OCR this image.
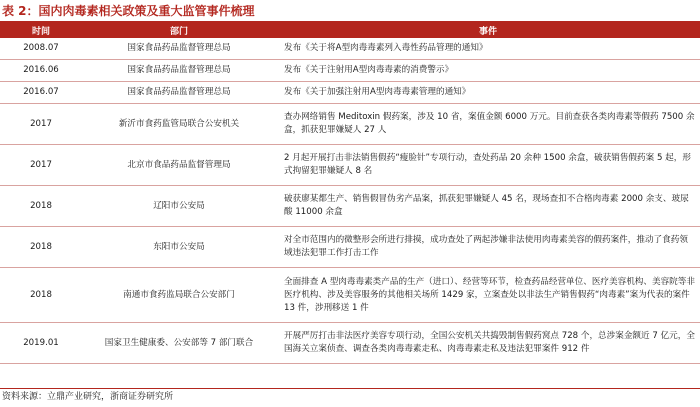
表 2：国内肉毒素相关政策及重大监管事件梳理
时间	部门	事件
2008.07	国家食品药品监督管理总局	发布《关于将A型肉毒毒素列入毒性药品管理的通知》
2016.06	国家食品药品监督管理总局	发布《关于注射用A型肉毒毒素的消费警示》
2016.07	国家食品药品监督管理总局	发布《关于加强注射用A型肉毒毒素管理的通知》
2017	新沂市食药监管局联合公安机关	查办网络销售 Meditoxin 假药案，涉及 10 省，案值金额 6000 万元。目前查获各类肉毒素等假药 7500 余盒，抓获犯罪嫌疑人 27 人
2017	北京市食品药品监督管理局	2 月起开展打击非法销售假药“瘦脸针”专项行动，查处药品 20 余种 1500 余盒，破获销售假药案 5 起，形式拘留犯罪嫌疑人 8 名
2018	辽阳市公安局	破获廖某都生产、销售假冒伪劣产品案，抓获犯罪嫌疑人 45 名，现场查扣不合格肉毒素 2000 余支、玻尿酸 11000 余盒
2018	东阳市公安局	对全市范围内的微整形会所进行排摸，成功查处了两起涉嫌非法使用肉毒素美容的假药案件，推动了食药领域违法犯罪工作打击工作
2018	南通市食药监局联合公安部门	全面排查 A 型肉毒毒素类产品的生产（进口）、经营等环节，检查药品经营单位、医疗美容机构、美容院等非医疗机构、涉及美容服务的其他相关场所 1429 家，立案查处以非法生产销售假药“肉毒素”案为代表的案件 13 件，涉刑移送 1 件
2019.01	国家卫生健康委、公安部等 7 部门联合	开展严厉打击非法医疗美容专项行动，全国公安机关共捣毁制售假药窝点 728 个，总涉案金额近 7 亿元，全国海关立案侦查、调查各类肉毒毒素走私、肉毒毒素走私及违法犯罪案件 912 件
资料来源：立鼎产业研究，浙商证券研究所
